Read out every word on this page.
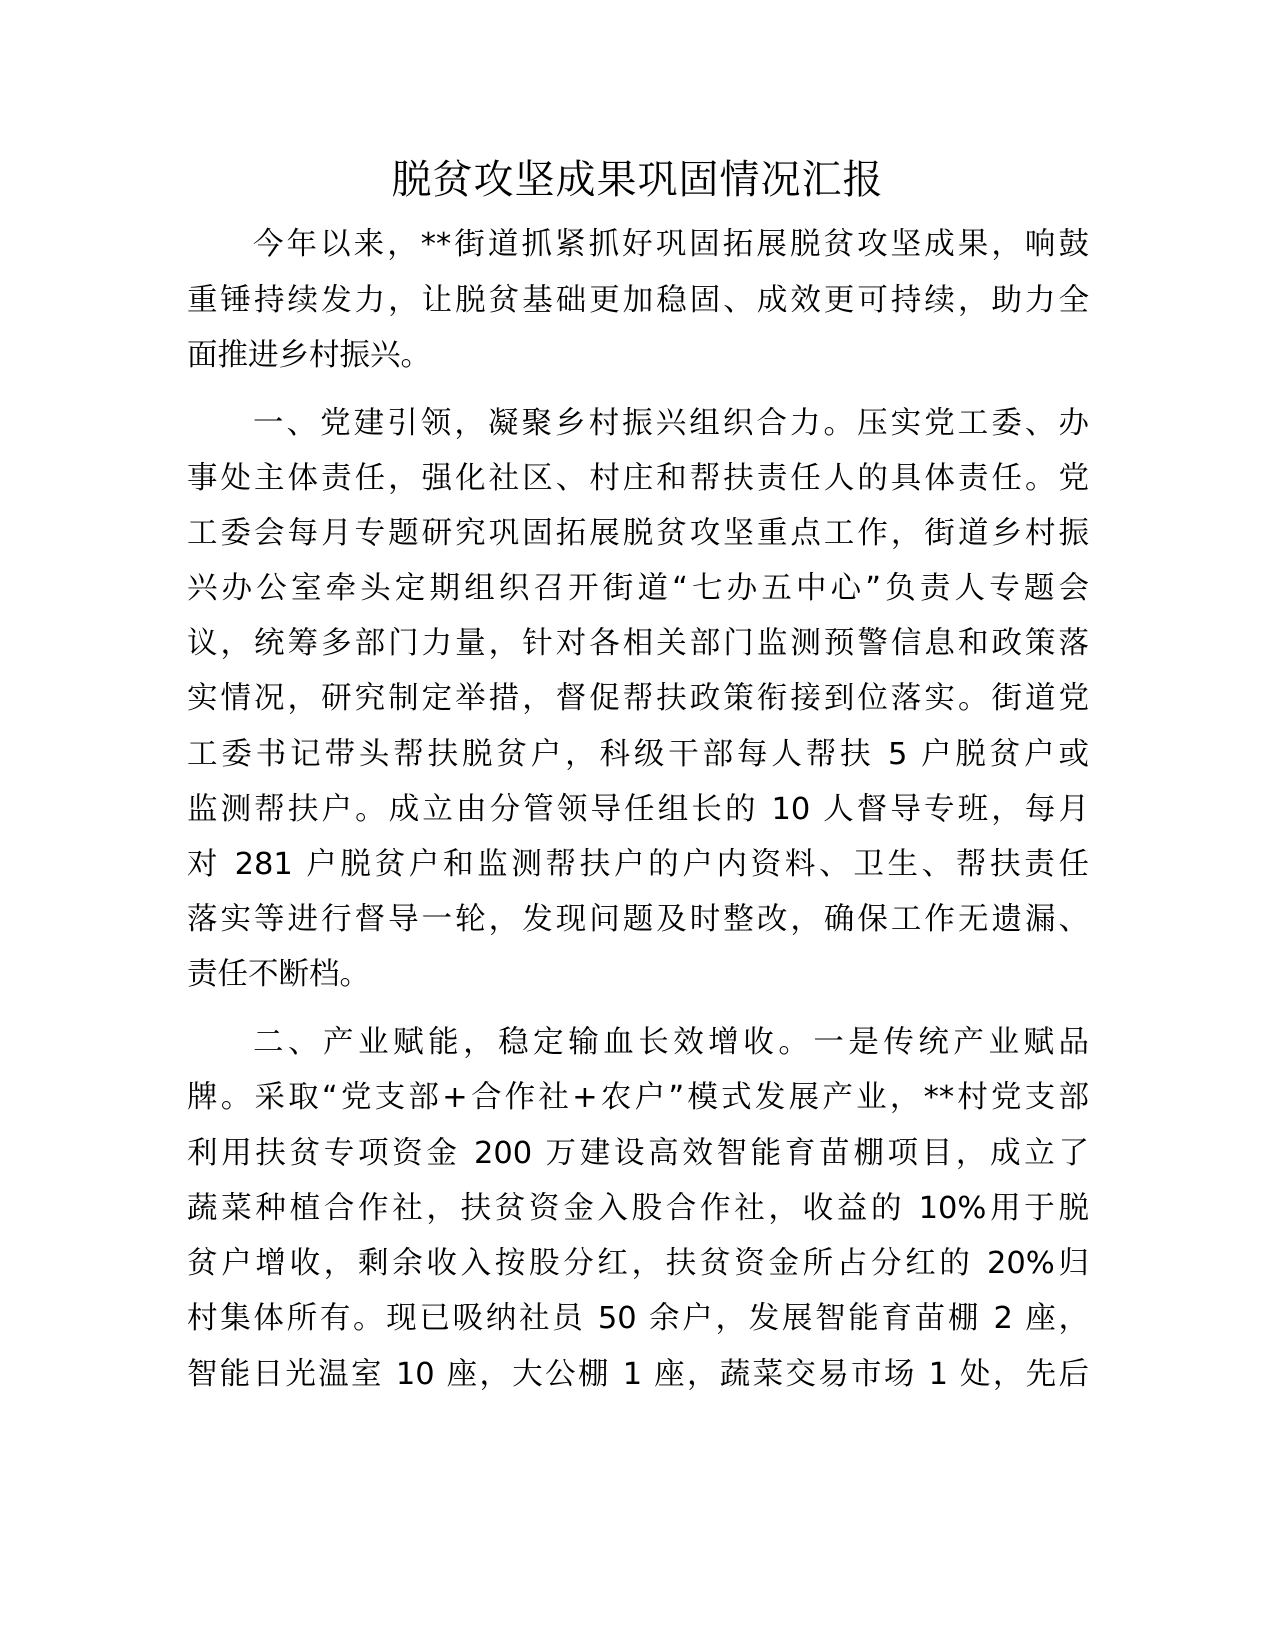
脱贫攻坚成果巩固情况汇报
今年以来，**街道抓紧抓好巩固拓展脱贫攻坚成果，响鼓
重锤持续发力，让脱贫基础更加稳固、成效更可持续，助力全
面推进乡村振兴。
一、党建引领，凝聚乡村振兴组织合力。压实党工委、办
事处主体责任，强化社区、村庄和帮扶责任人的具体责任。党
工委会每月专题研究巩固拓展脱贫攻坚重点工作，街道乡村振
兴办公室牵头定期组织召开街道“七办五中心”负责人专题会
议，统筹多部门力量，针对各相关部门监测预警信息和政策落
实情况，研究制定举措，督促帮扶政策衔接到位落实。街道党
工委书记带头帮扶脱贫户，科级干部每人帮扶 5 户脱贫户或
监测帮扶户。成立由分管领导任组长的 10 人督导专班，每月
对 281 户脱贫户和监测帮扶户的户内资料、卫生、帮扶责任
落实等进行督导一轮，发现问题及时整改，确保工作无遗漏、
责任不断档。
二、产业赋能，稳定输血长效增收。一是传统产业赋品
牌。采取“党支部+合作社+农户”模式发展产业，**村党支部
利用扶贫专项资金 200 万建设高效智能育苗棚项目，成立了
蔬菜种植合作社，扶贫资金入股合作社，收益的 10%用于脱
贫户增收，剩余收入按股分红，扶贫资金所占分红的 20%归
村集体所有。现已吸纳社员 50 余户，发展智能育苗棚 2 座，
智能日光温室 10 座，大公棚 1 座，蔬菜交易市场 1 处，先后
